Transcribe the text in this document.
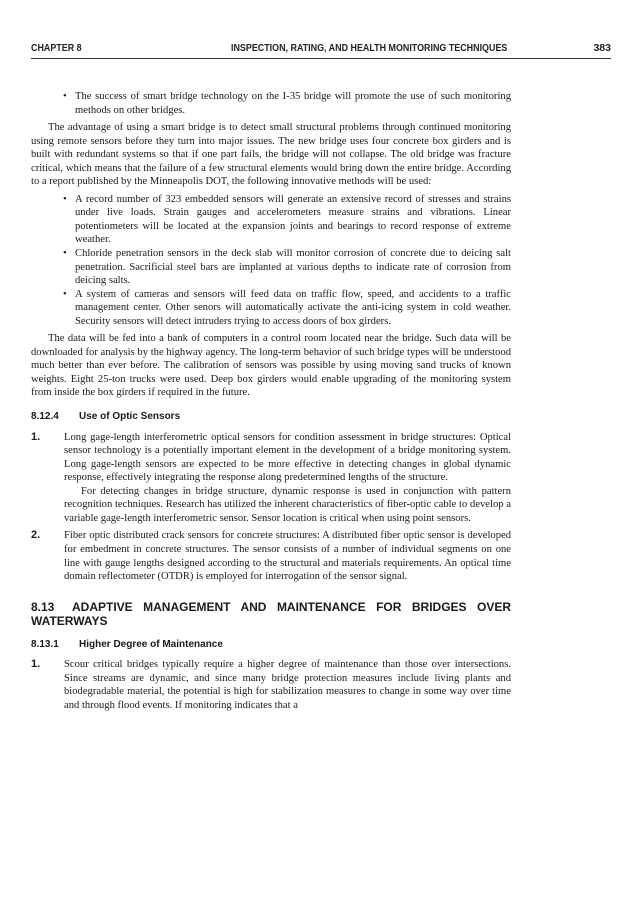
CHAPTER 8	INSPECTION, RATING, AND HEALTH MONITORING TECHNIQUES	383

• The success of smart bridge technology on the I-35 bridge will promote the use of such monitoring methods on other bridges.

The advantage of using a smart bridge is to detect small structural problems through continued monitoring using remote sensors before they turn into major issues. The new bridge uses four concrete box girders and is built with redundant systems so that if one part fails, the bridge will not collapse. The old bridge was fracture critical, which means that the failure of a few structural elements would bring down the entire bridge. According to a report published by the Minneapolis DOT, the following innovative methods will be used:

• A record number of 323 embedded sensors will generate an extensive record of stresses and strains under live loads. Strain gauges and accelerometers measure strains and vibrations. Linear potentiometers will be located at the expansion joints and bearings to record response of extreme weather.

• Chloride penetration sensors in the deck slab will monitor corrosion of concrete due to deicing salt penetration. Sacrificial steel bars are implanted at various depths to indicate rate of corrosion from deicing salts.

• A system of cameras and sensors will feed data on traffic flow, speed, and accidents to a traffic management center. Other senors will automatically activate the anti-icing system in cold weather. Security sensors will detect intruders trying to access doors of box girders.

The data will be fed into a bank of computers in a control room located near the bridge. Such data will be downloaded for analysis by the highway agency. The long-term behavior of such bridge types will be understood much better than ever before. The calibration of sensors was possible by using moving sand trucks of known weights. Eight 25-ton trucks were used. Deep box girders would enable upgrading of the monitoring system from inside the box girders if required in the future.

8.12.4 Use of Optic Sensors

1. Long gage-length interferometric optical sensors for condition assessment in bridge structures: Optical sensor technology is a potentially important element in the development of a bridge monitoring system. Long gage-length sensors are expected to be more effective in detecting changes in global dynamic response, effectively integrating the response along predetermined lengths of the structure.

For detecting changes in bridge structure, dynamic response is used in conjunction with pattern recognition techniques. Research has utilized the inherent characteristics of fiber-optic cable to develop a variable gage-length interferometric sensor. Sensor location is critical when using point sensors.

2. Fiber optic distributed crack sensors for concrete structures: A distributed fiber optic sensor is developed for embedment in concrete structures. The sensor consists of a number of individual segments on one line with gauge lengths designed according to the structural and materials requirements. An optical time domain reflectometer (OTDR) is employed for interrogation of the sensor signal.

8.13 ADAPTIVE MANAGEMENT AND MAINTENANCE FOR BRIDGES OVER WATERWAYS
8.13.1 Higher Degree of Maintenance

1. Scour critical bridges typically require a higher degree of maintenance than those over intersections. Since streams are dynamic, and since many bridge protection measures include living plants and biodegradable material, the potential is high for stabilization measures to change in some way over time and through flood events. If monitoring indicates that a
